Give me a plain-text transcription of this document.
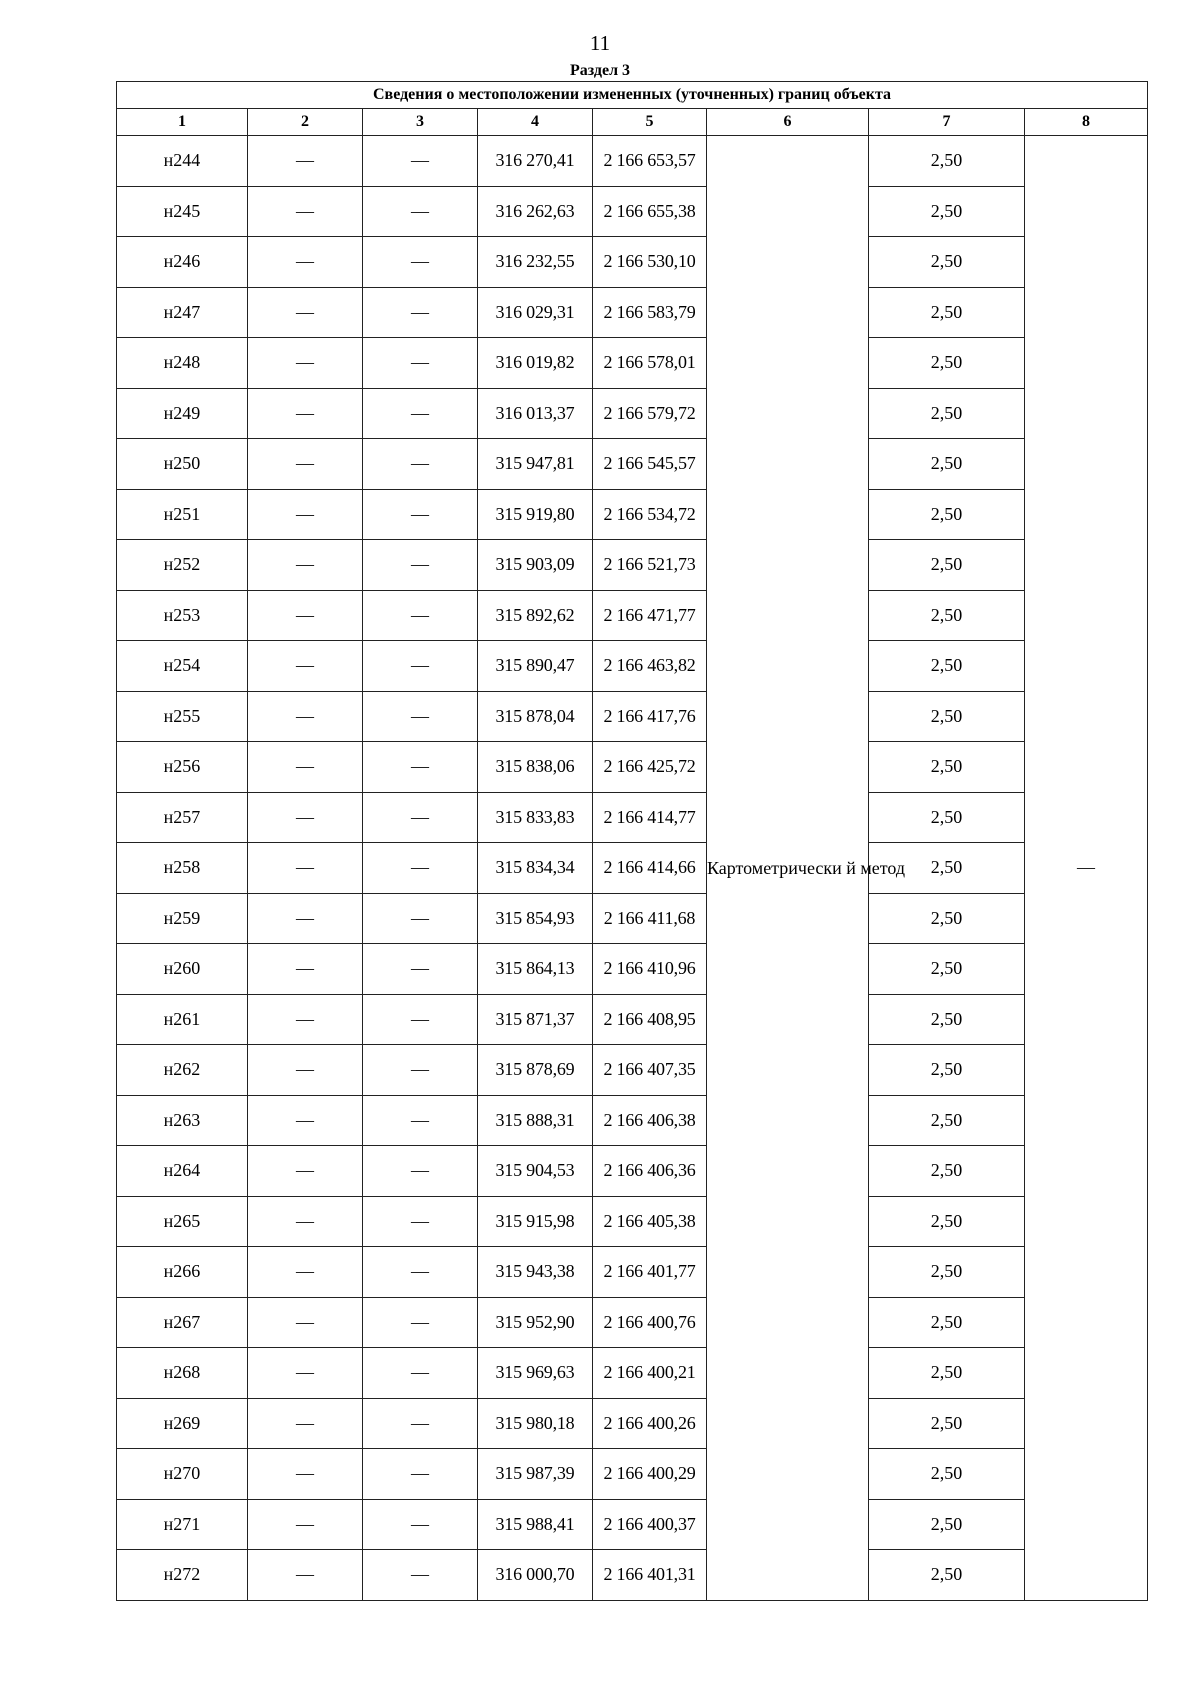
11
Раздел 3
Сведения о местоположении измененных (уточненных) границ объекта							
1	2	3	4	5	6	7	8
н244	—	—	316 270,41	2 166 653,57	Картометрически й метод	2,50	—
н245	—	—	316 262,63	2 166 655,38		2,50	
н246	—	—	316 232,55	2 166 530,10		2,50	
н247	—	—	316 029,31	2 166 583,79		2,50	
н248	—	—	316 019,82	2 166 578,01		2,50	
н249	—	—	316 013,37	2 166 579,72		2,50	
н250	—	—	315 947,81	2 166 545,57		2,50	
н251	—	—	315 919,80	2 166 534,72		2,50	
н252	—	—	315 903,09	2 166 521,73		2,50	
н253	—	—	315 892,62	2 166 471,77		2,50	
н254	—	—	315 890,47	2 166 463,82		2,50	
н255	—	—	315 878,04	2 166 417,76		2,50	
н256	—	—	315 838,06	2 166 425,72		2,50	
н257	—	—	315 833,83	2 166 414,77		2,50	
н258	—	—	315 834,34	2 166 414,66		2,50	
н259	—	—	315 854,93	2 166 411,68		2,50	
н260	—	—	315 864,13	2 166 410,96		2,50	
н261	—	—	315 871,37	2 166 408,95		2,50	
н262	—	—	315 878,69	2 166 407,35		2,50	
н263	—	—	315 888,31	2 166 406,38		2,50	
н264	—	—	315 904,53	2 166 406,36		2,50	
н265	—	—	315 915,98	2 166 405,38		2,50	
н266	—	—	315 943,38	2 166 401,77		2,50	
н267	—	—	315 952,90	2 166 400,76		2,50	
н268	—	—	315 969,63	2 166 400,21		2,50	
н269	—	—	315 980,18	2 166 400,26		2,50	
н270	—	—	315 987,39	2 166 400,29		2,50	
н271	—	—	315 988,41	2 166 400,37		2,50	
н272	—	—	316 000,70	2 166 401,31		2,50	
